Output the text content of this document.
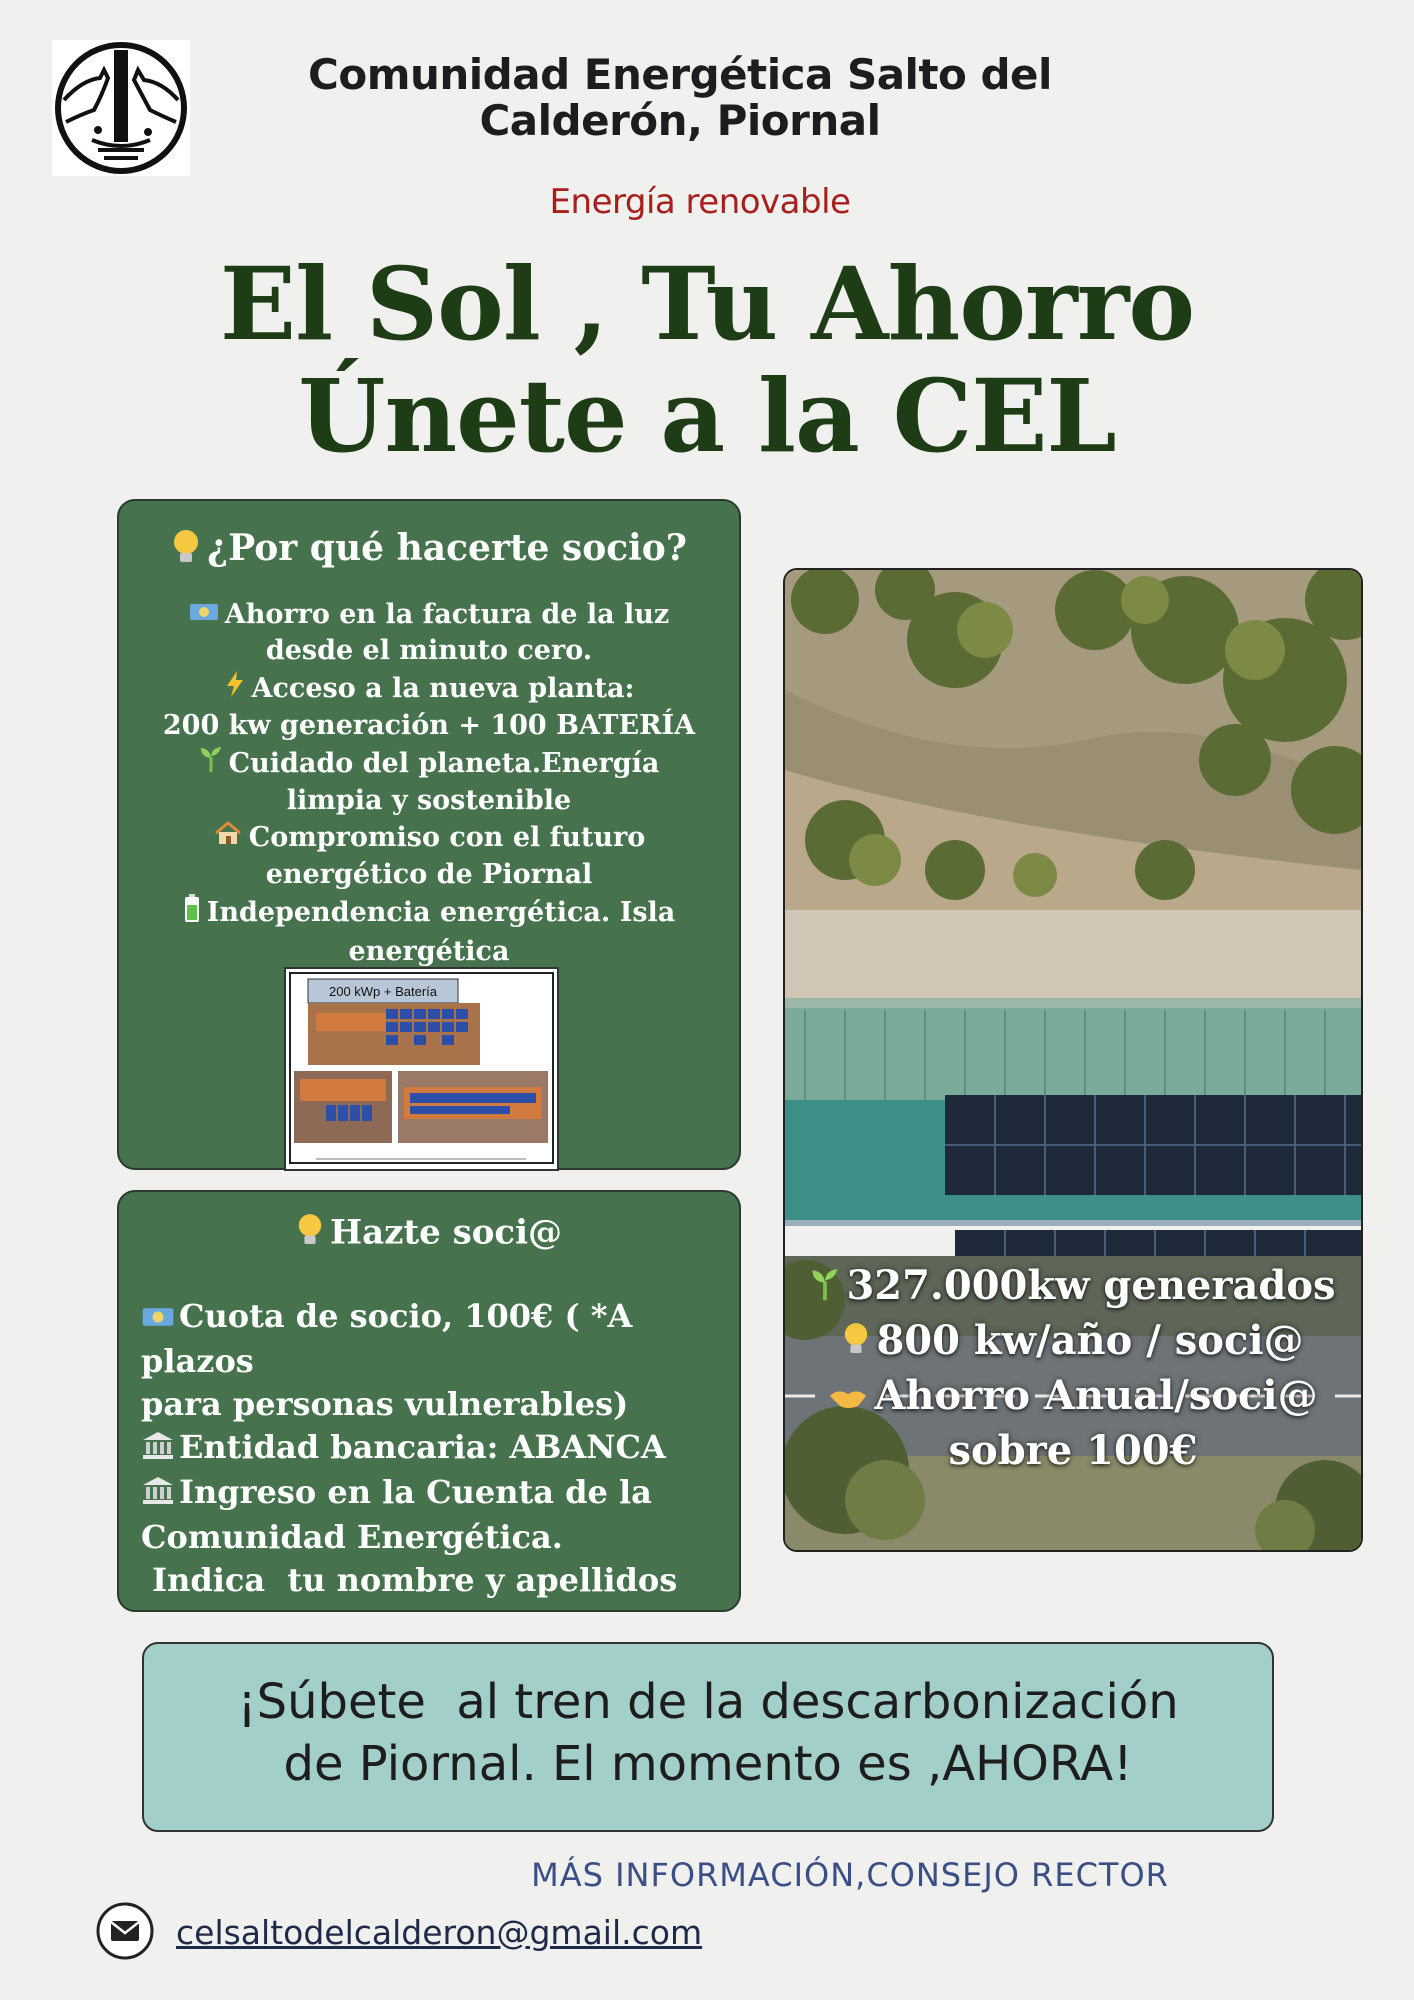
Comunidad Energética Salto del Calderón, Piornal
Energía renovable
El Sol , Tu Ahorro
Únete a la CEL
¿Por qué hacerte socio?
Ahorro en la factura de la luz
desde el minuto cero.
Acceso a la nueva planta:
200 kw generación + 100 BATERÍA
Cuidado del planeta.Energía
limpia y sostenible
Compromiso con el futuro
energético de Piornal
Independencia energética. Isla
energética
200 kWp + Batería
Hazte soci@
Cuota de socio, 100€ ( *A plazos
para personas vulnerables)
Entidad bancaria: ABANCA
Ingreso en la Cuenta de la
Comunidad Energética.
Indica  tu nombre y apellidos
327.000kw generados
800 kw/año / soci@
Ahorro Anual/soci@
sobre 100€
¡Súbete  al tren de la descarbonización
de Piornal. El momento es ,AHORA!
MÁS INFORMACIÓN,CONSEJO RECTOR
celsaltodelcalderon@gmail.com
